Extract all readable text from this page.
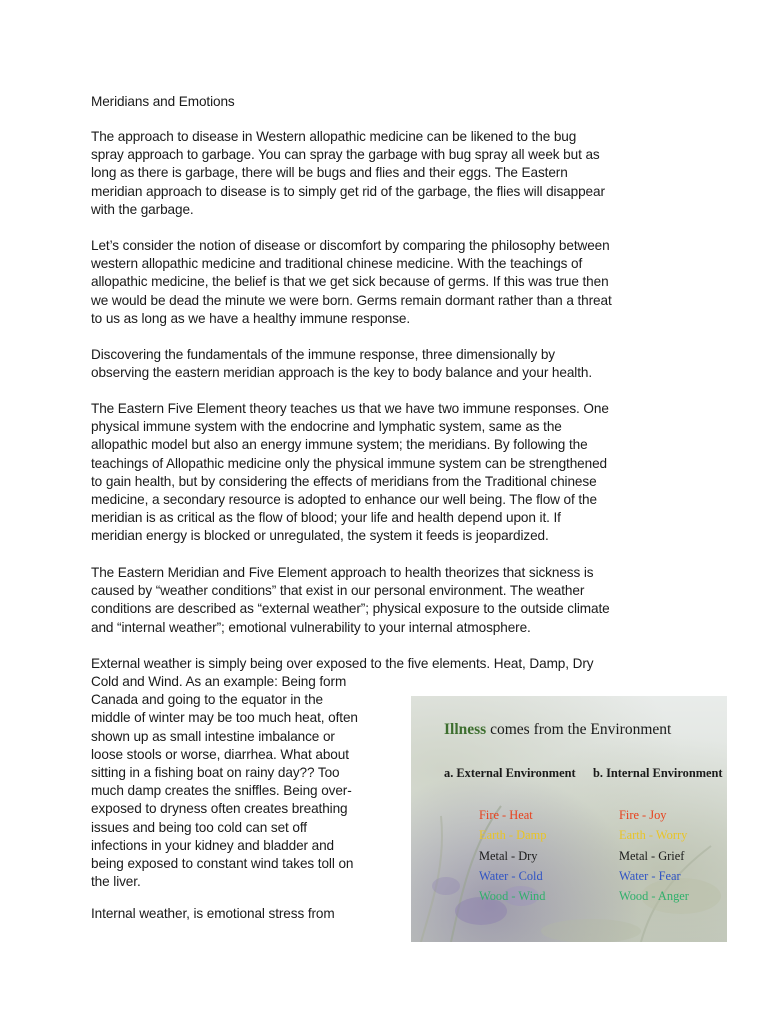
Meridians and Emotions

The approach to disease in Western allopathic medicine can be likened to the bug
spray approach to garbage. You can spray the garbage with bug spray all week but as
long as there is garbage, there will be bugs and flies and their eggs. The Eastern
meridian approach to disease is to simply get rid of the garbage, the flies will disappear
with the garbage.

Let’s consider the notion of disease or discomfort by comparing the philosophy between
western allopathic medicine and traditional chinese medicine. With the teachings of
allopathic medicine, the belief is that we get sick because of germs. If this was true then
we would be dead the minute we were born. Germs remain dormant rather than a threat
to us as long as we have a healthy immune response.

Discovering the fundamentals of the immune response, three dimensionally by
observing the eastern meridian approach is the key to body balance and your health.

The Eastern Five Element theory teaches us that we have two immune responses. One
physical immune system with the endocrine and lymphatic system, same as the
allopathic model but also an energy immune system; the meridians. By following the
teachings of Allopathic medicine only the physical immune system can be strengthened
to gain health, but by considering the effects of meridians from the Traditional chinese
medicine, a secondary resource is adopted to enhance our well being. The flow of the
meridian is as critical as the flow of blood; your life and health depend upon it. If
meridian energy is blocked or unregulated, the system it feeds is jeopardized.

The Eastern Meridian and Five Element approach to health theorizes that sickness is
caused by “weather conditions” that exist in our personal environment. The weather
conditions are described as “external weather”; physical exposure to the outside climate
and “internal weather”; emotional vulnerability to your internal atmosphere.

External weather is simply being over exposed to the five elements. Heat, Damp, Dry

Cold and Wind. As an example: Being form
Canada and going to the equator in the
middle of winter may be too much heat, often
shown up as small intestine imbalance or
loose stools or worse, diarrhea. What about
sitting in a fishing boat on rainy day?? Too
much damp creates the sniffles. Being over-
exposed to dryness often creates breathing
issues and being too cold can set off
infections in your kidney and bladder and
being exposed to constant wind takes toll on
the liver.

Internal weather, is emotional stress from

Illness comes from the Environment
a. External Environment b. Internal Environment
Fire - Heat
Earth - Damp
Metal - Dry
Water - Cold
Wood - Wind
Fire - Joy
Earth - Worry
Metal - Grief
Water - Fear
Wood - Anger
